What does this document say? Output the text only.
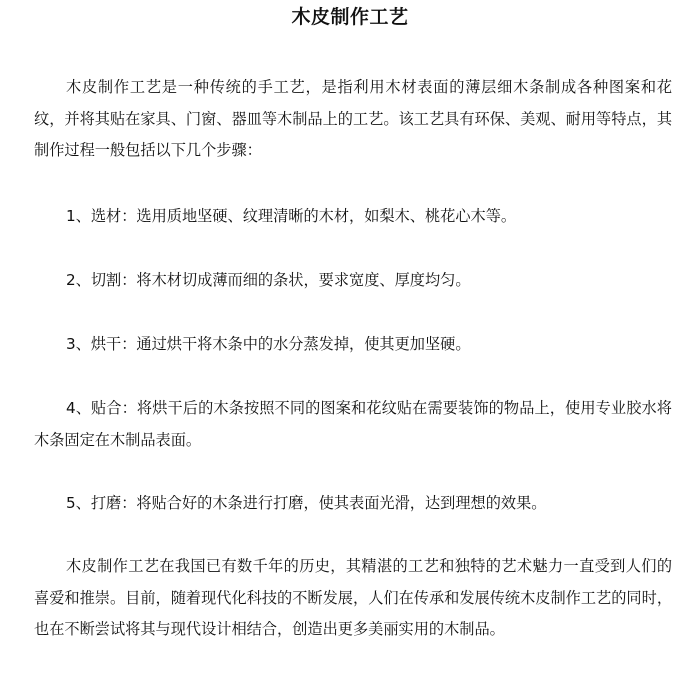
木皮制作工艺

木皮制作工艺是一种传统的手工艺，是指利用木材表面的薄层细木条制成各种图案和花纹，并将其贴在家具、门窗、器皿等木制品上的工艺。该工艺具有环保、美观、耐用等特点，其制作过程一般包括以下几个步骤：

1、选材：选用质地坚硬、纹理清晰的木材，如梨木、桃花心木等。

2、切割：将木材切成薄而细的条状，要求宽度、厚度均匀。

3、烘干：通过烘干将木条中的水分蒸发掉，使其更加坚硬。

4、贴合：将烘干后的木条按照不同的图案和花纹贴在需要装饰的物品上，使用专业胶水将木条固定在木制品表面。

5、打磨：将贴合好的木条进行打磨，使其表面光滑，达到理想的效果。

木皮制作工艺在我国已有数千年的历史，其精湛的工艺和独特的艺术魅力一直受到人们的喜爱和推崇。目前，随着现代化科技的不断发展，人们在传承和发展传统木皮制作工艺的同时，也在不断尝试将其与现代设计相结合，创造出更多美丽实用的木制品。
